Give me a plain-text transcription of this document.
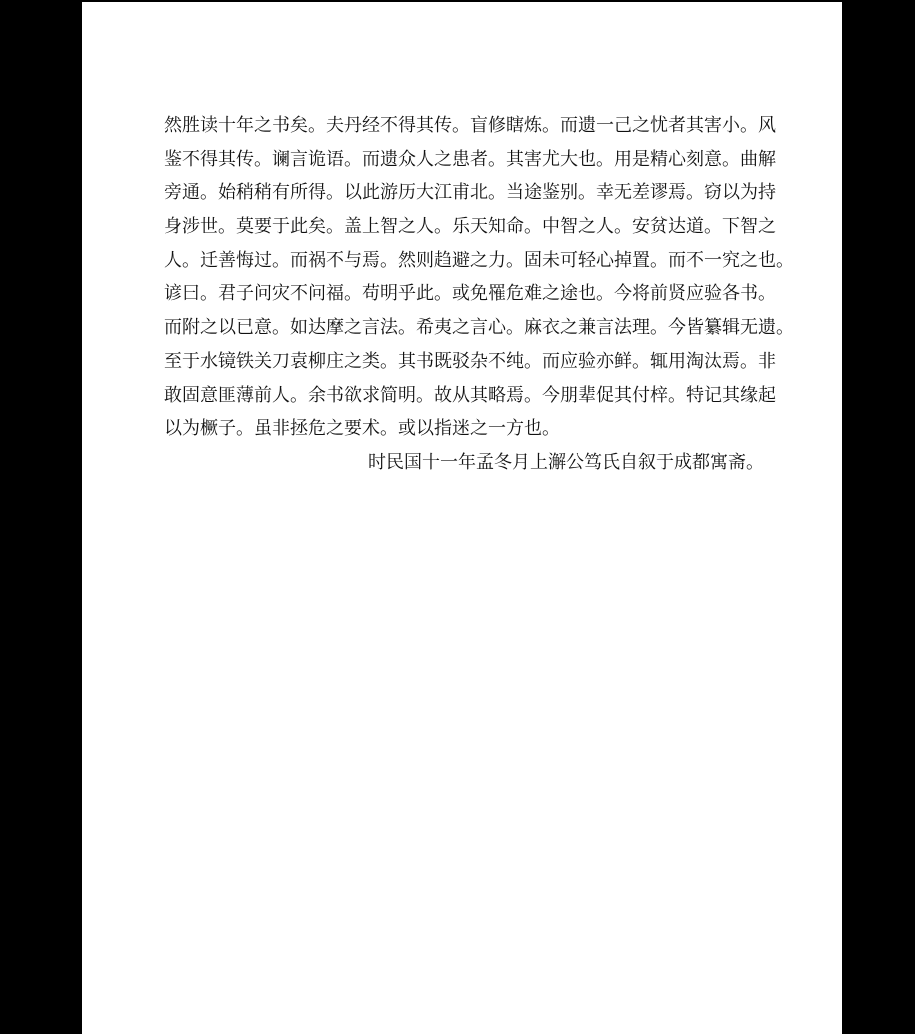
然胜读十年之书矣。夫丹经不得其传。盲修瞎炼。而遗一己之忧者其害小。风
鉴不得其传。谰言诡语。而遗众人之患者。其害尤大也。用是精心刻意。曲解
旁通。始稍稍有所得。以此游历大江甫北。当途鉴别。幸无差谬焉。窃以为持
身涉世。莫要于此矣。盖上智之人。乐天知命。中智之人。安贫达道。下智之
人。迁善悔过。而祸不与焉。然则趋避之力。固未可轻心掉置。而不一究之也。
谚曰。君子问灾不问福。苟明乎此。或免罹危难之途也。今将前贤应验各书。
而附之以已意。如达摩之言法。希夷之言心。麻衣之兼言法理。今皆纂辑无遗。
至于水镜铁关刀袁柳庄之类。其书既驳杂不纯。而应验亦鲜。辄用淘汰焉。非
敢固意匪薄前人。余书欲求简明。故从其略焉。今朋辈促其付梓。特记其缘起
以为橛子。虽非拯危之要术。或以指迷之一方也。
时民国十一年孟冬月上澥公笃氏自叙于成都寓斋。
